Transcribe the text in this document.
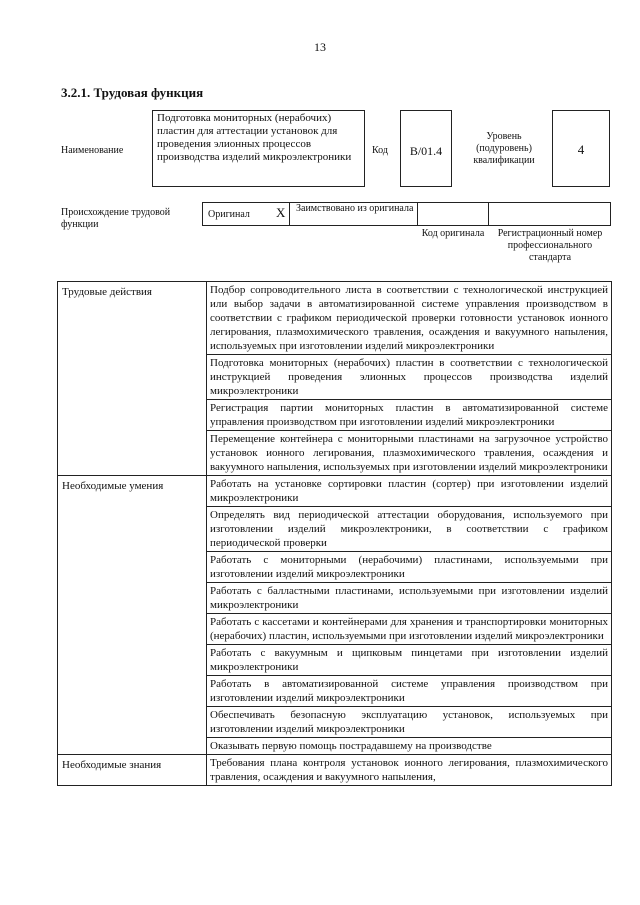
13
3.2.1. Трудовая функция
Наименование
Подготовка мониторных (нерабочих) пластин для аттестации установок для проведения элионных процессов производства изделий микроэлектроники
Код	B/01.4
Уровень (подуровень) квалификации
4
Происхождение трудовой функции
Оригинал X Заимствовано из оригинала
Код оригинала	Регистрационный номер профессионального стандарта
Трудовые действия	Подбор сопроводительного листа в соответствии с технологической инструкцией или выбор задачи в автоматизированной системе управления производством в соответствии с графиком периодической проверки готовности установок ионного легирования, плазмохимического травления, осаждения и вакуумного напыления, используемых при изготовлении изделий микроэлектроники
	Подготовка мониторных (нерабочих) пластин в соответствии с технологической инструкцией проведения элионных процессов производства изделий микроэлектроники
	Регистрация партии мониторных пластин в автоматизированной системе управления производством при изготовлении изделий микроэлектроники
	Перемещение контейнера с мониторными пластинами на загрузочное устройство установок ионного легирования, плазмохимического травления, осаждения и вакуумного напыления, используемых при изготовлении изделий микроэлектроники
Необходимые умения	Работать на установке сортировки пластин (сортер) при изготовлении изделий микроэлектроники
	Определять вид периодической аттестации оборудования, используемого при изготовлении изделий микроэлектроники, в соответствии с графиком периодической проверки
	Работать с мониторными (нерабочими) пластинами, используемыми при изготовлении изделий микроэлектроники
	Работать с балластными пластинами, используемыми при изготовлении изделий микроэлектроники
	Работать с кассетами и контейнерами для хранения и транспортировки мониторных (нерабочих) пластин, используемыми при изготовлении изделий микроэлектроники
	Работать с вакуумным и щипковым пинцетами при изготовлении изделий микроэлектроники
	Работать в автоматизированной системе управления производством при изготовлении изделий микроэлектроники
	Обеспечивать безопасную эксплуатацию установок, используемых при изготовлении изделий микроэлектроники
	Оказывать первую помощь пострадавшему на производстве
Необходимые знания	Требования плана контроля установок ионного легирования, плазмохимического травления, осаждения и вакуумного напыления,
